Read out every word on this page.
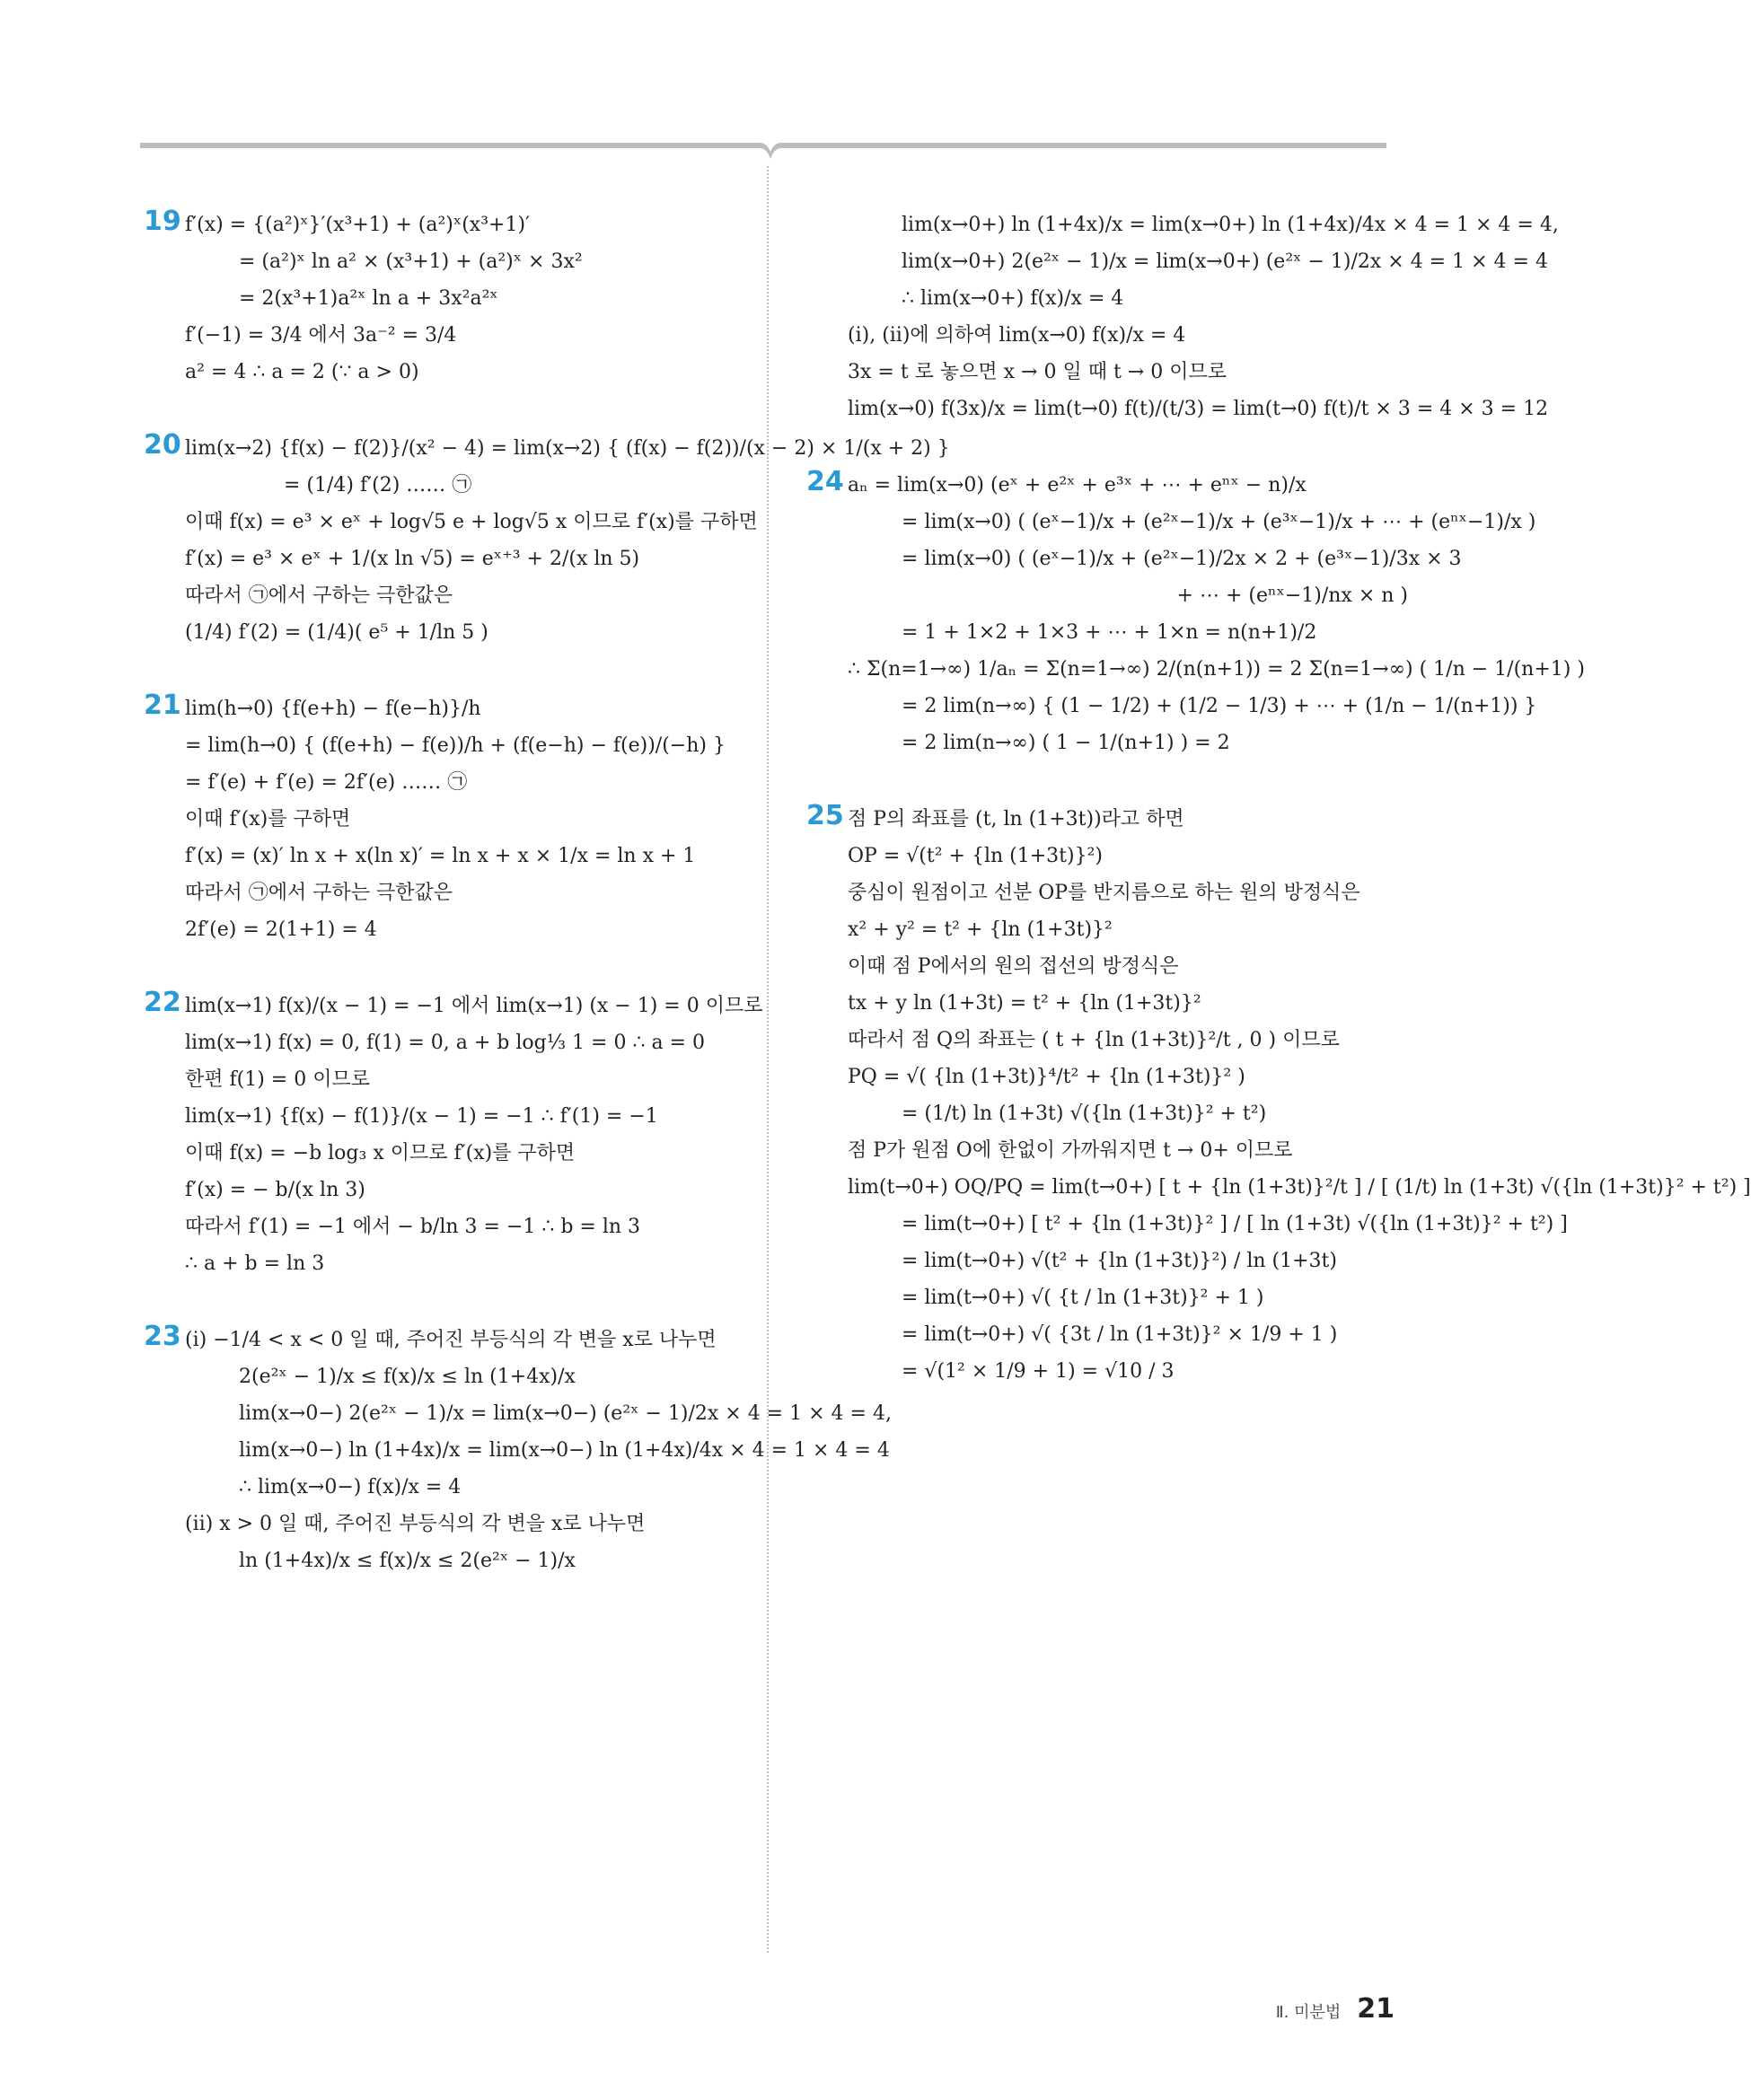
19 f′(x) = {(a²)ˣ}′(x³+1) + (a²)ˣ(x³+1)′
= (a²)ˣ ln a² × (x³+1) + (a²)ˣ × 3x²
= 2(x³+1)a²ˣ ln a + 3x²a²ˣ
f′(−1) = 3/4 에서 3a⁻² = 3/4
a² = 4 ∴ a = 2 (∵ a > 0)
20 lim(x→2) {f(x) − f(2)}/(x² − 4) = lim(x→2) { (f(x) − f(2))/(x − 2) × 1/(x + 2) }
= (1/4) f′(2) …… ㉠
이때 f(x) = e³ × eˣ + log√5 e + log√5 x 이므로 f′(x)를 구하면
f′(x) = e³ × eˣ + 1/(x ln √5) = eˣ⁺³ + 2/(x ln 5)
따라서 ㉠에서 구하는 극한값은
(1/4) f′(2) = (1/4)( e⁵ + 1/ln 5 )
21 lim(h→0) {f(e+h) − f(e−h)}/h
= lim(h→0) { (f(e+h) − f(e))/h + (f(e−h) − f(e))/(−h) }
= f′(e) + f′(e) = 2f′(e) …… ㉠
이때 f′(x)를 구하면
f′(x) = (x)′ ln x + x(ln x)′ = ln x + x × 1/x = ln x + 1
따라서 ㉠에서 구하는 극한값은
2f′(e) = 2(1+1) = 4
22 lim(x→1) f(x)/(x − 1) = −1 에서 lim(x→1) (x − 1) = 0 이므로
lim(x→1) f(x) = 0, f(1) = 0, a + b log⅓ 1 = 0 ∴ a = 0
한편 f(1) = 0 이므로
lim(x→1) {f(x) − f(1)}/(x − 1) = −1 ∴ f′(1) = −1
이때 f(x) = −b log₃ x 이므로 f′(x)를 구하면
f′(x) = − b/(x ln 3)
따라서 f′(1) = −1 에서 − b/ln 3 = −1 ∴ b = ln 3
∴ a + b = ln 3
23 (ⅰ) −1/4 < x < 0 일 때, 주어진 부등식의 각 변을 x로 나누면
2(e²ˣ − 1)/x ≤ f(x)/x ≤ ln (1+4x)/x
lim(x→0−) 2(e²ˣ − 1)/x = lim(x→0−) (e²ˣ − 1)/2x × 4 = 1 × 4 = 4,
lim(x→0−) ln (1+4x)/x = lim(x→0−) ln (1+4x)/4x × 4 = 1 × 4 = 4
∴ lim(x→0−) f(x)/x = 4
(ⅱ) x > 0 일 때, 주어진 부등식의 각 변을 x로 나누면
ln (1+4x)/x ≤ f(x)/x ≤ 2(e²ˣ − 1)/x
lim(x→0+) ln (1+4x)/x = lim(x→0+) ln (1+4x)/4x × 4 = 1 × 4 = 4,
lim(x→0+) 2(e²ˣ − 1)/x = lim(x→0+) (e²ˣ − 1)/2x × 4 = 1 × 4 = 4
∴ lim(x→0+) f(x)/x = 4
(ⅰ), (ⅱ)에 의하여 lim(x→0) f(x)/x = 4
3x = t 로 놓으면 x → 0 일 때 t → 0 이므로
lim(x→0) f(3x)/x = lim(t→0) f(t)/(t/3) = lim(t→0) f(t)/t × 3 = 4 × 3 = 12
24 aₙ = lim(x→0) (eˣ + e²ˣ + e³ˣ + ⋯ + eⁿˣ − n)/x
= lim(x→0) ( (eˣ−1)/x + (e²ˣ−1)/x + (e³ˣ−1)/x + ⋯ + (eⁿˣ−1)/x )
= lim(x→0) ( (eˣ−1)/x + (e²ˣ−1)/2x × 2 + (e³ˣ−1)/3x × 3
+ ⋯ + (eⁿˣ−1)/nx × n )
= 1 + 1×2 + 1×3 + ⋯ + 1×n = n(n+1)/2
∴ Σ(n=1→∞) 1/aₙ = Σ(n=1→∞) 2/(n(n+1)) = 2 Σ(n=1→∞) ( 1/n − 1/(n+1) )
= 2 lim(n→∞) { (1 − 1/2) + (1/2 − 1/3) + ⋯ + (1/n − 1/(n+1)) }
= 2 lim(n→∞) ( 1 − 1/(n+1) ) = 2
25 점 P의 좌표를 (t, ln (1+3t))라고 하면
OP = √(t² + {ln (1+3t)}²)
중심이 원점이고 선분 OP를 반지름으로 하는 원의 방정식은
x² + y² = t² + {ln (1+3t)}²
이때 점 P에서의 원의 접선의 방정식은
tx + y ln (1+3t) = t² + {ln (1+3t)}²
따라서 점 Q의 좌표는 ( t + {ln (1+3t)}²/t , 0 ) 이므로
PQ = √( {ln (1+3t)}⁴/t² + {ln (1+3t)}² )
= (1/t) ln (1+3t) √({ln (1+3t)}² + t²)
점 P가 원점 O에 한없이 가까워지면 t → 0+ 이므로
lim(t→0+) OQ/PQ = lim(t→0+) [ t + {ln (1+3t)}²/t ] / [ (1/t) ln (1+3t) √({ln (1+3t)}² + t²) ]
= lim(t→0+) [ t² + {ln (1+3t)}² ] / [ ln (1+3t) √({ln (1+3t)}² + t²) ]
= lim(t→0+) √(t² + {ln (1+3t)}²) / ln (1+3t)
= lim(t→0+) √( {t / ln (1+3t)}² + 1 )
= lim(t→0+) √( {3t / ln (1+3t)}² × 1/9 + 1 )
= √(1² × 1/9 + 1) = √10 / 3
Ⅱ. 미분법 21
